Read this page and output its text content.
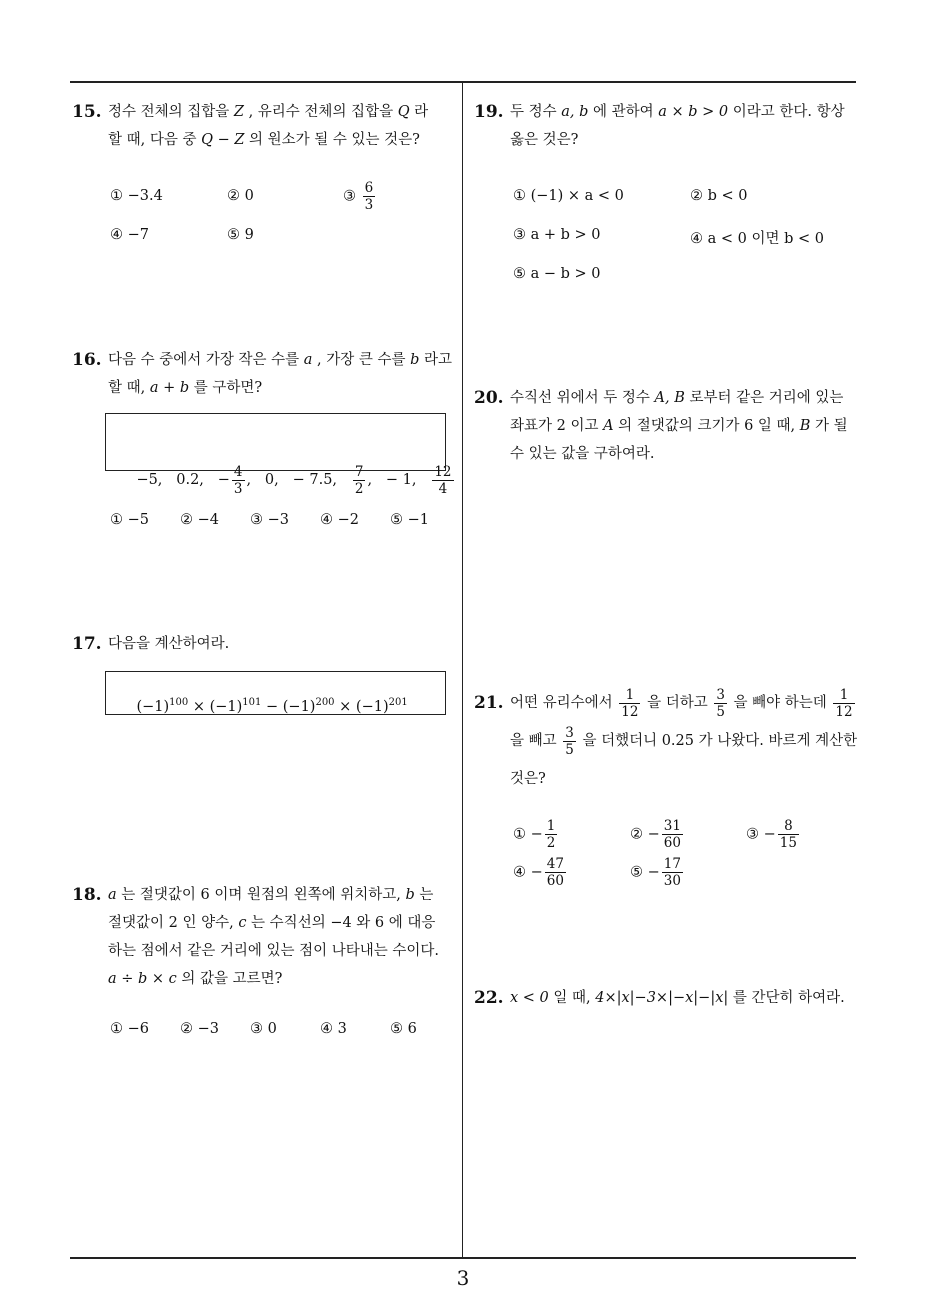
3
15. 정수 전체의 집합을 Z , 유리수 전체의 집합을 Q 라
할 때, 다음 중 Q − Z 의 원소가 될 수 있는 것은?
① −3.4	② 0	③ $\frac{6}{3}$
④ −7	⑤ 9
16. 다음 수 중에서 가장 작은 수를 a , 가장 큰 수를 b 라고
할 때, a + b 를 구하면?

−5,   0.2,   − $\frac{4}{3}$ ,   0,   − 7.5, $\frac{7}{2}$ ,   − 1, $\frac{12}{4}$

① −5 ② −4 ③ −3 ④ −2 ⑤ −1
17. 다음을 계산하여라.

$(-1)^{100} \times (-1)^{101} - (-1)^{200} \times (-1)^{201}$

18. a 는 절댓값이 6 이며 원점의 왼쪽에 위치하고, b 는
절댓값이 2 인 양수, c 는 수직선의 −4 와 6 에 대응
하는 점에서 같은 거리에 있는 점이 나타내는 수이다.
a ÷ b × c 의 값을 고르면?
① −6 ② −3 ③ 0	④ 3	⑤ 6
19. 두 정수 a, b 에 관하여 a × b > 0 이라고 한다. 항상
옳은 것은?
① (−1) × a < 0	② b < 0
③ a + b > 0	④ a < 0 이면 b < 0
⑤ a − b > 0
20. 수직선 위에서 두 정수 A, B 로부터 같은 거리에 있는
좌표가 2 이고 A 의 절댓값의 크기가 6 일 때, B 가 될
수 있는 값을 구하여라.
21. 어떤 유리수에서 $\frac{1}{12}$ 을 더하고 $\frac{3}{5}$ 을 빼야 하는데 $\frac{1}{12}$

을 빼고 $\frac{3}{5}$ 을 더했더니 0.25 가 나왔다. 바르게 계산한
것은?
① − $\frac{1}{2}$	② − $\frac{31}{60}$	③ − $\frac{8}{15}$
④ − $\frac{47}{60}$	⑤ − $\frac{17}{30}$
22. x < 0 일 때, 4×|x|−3×|−x|−|x| 를 간단히 하여라.
